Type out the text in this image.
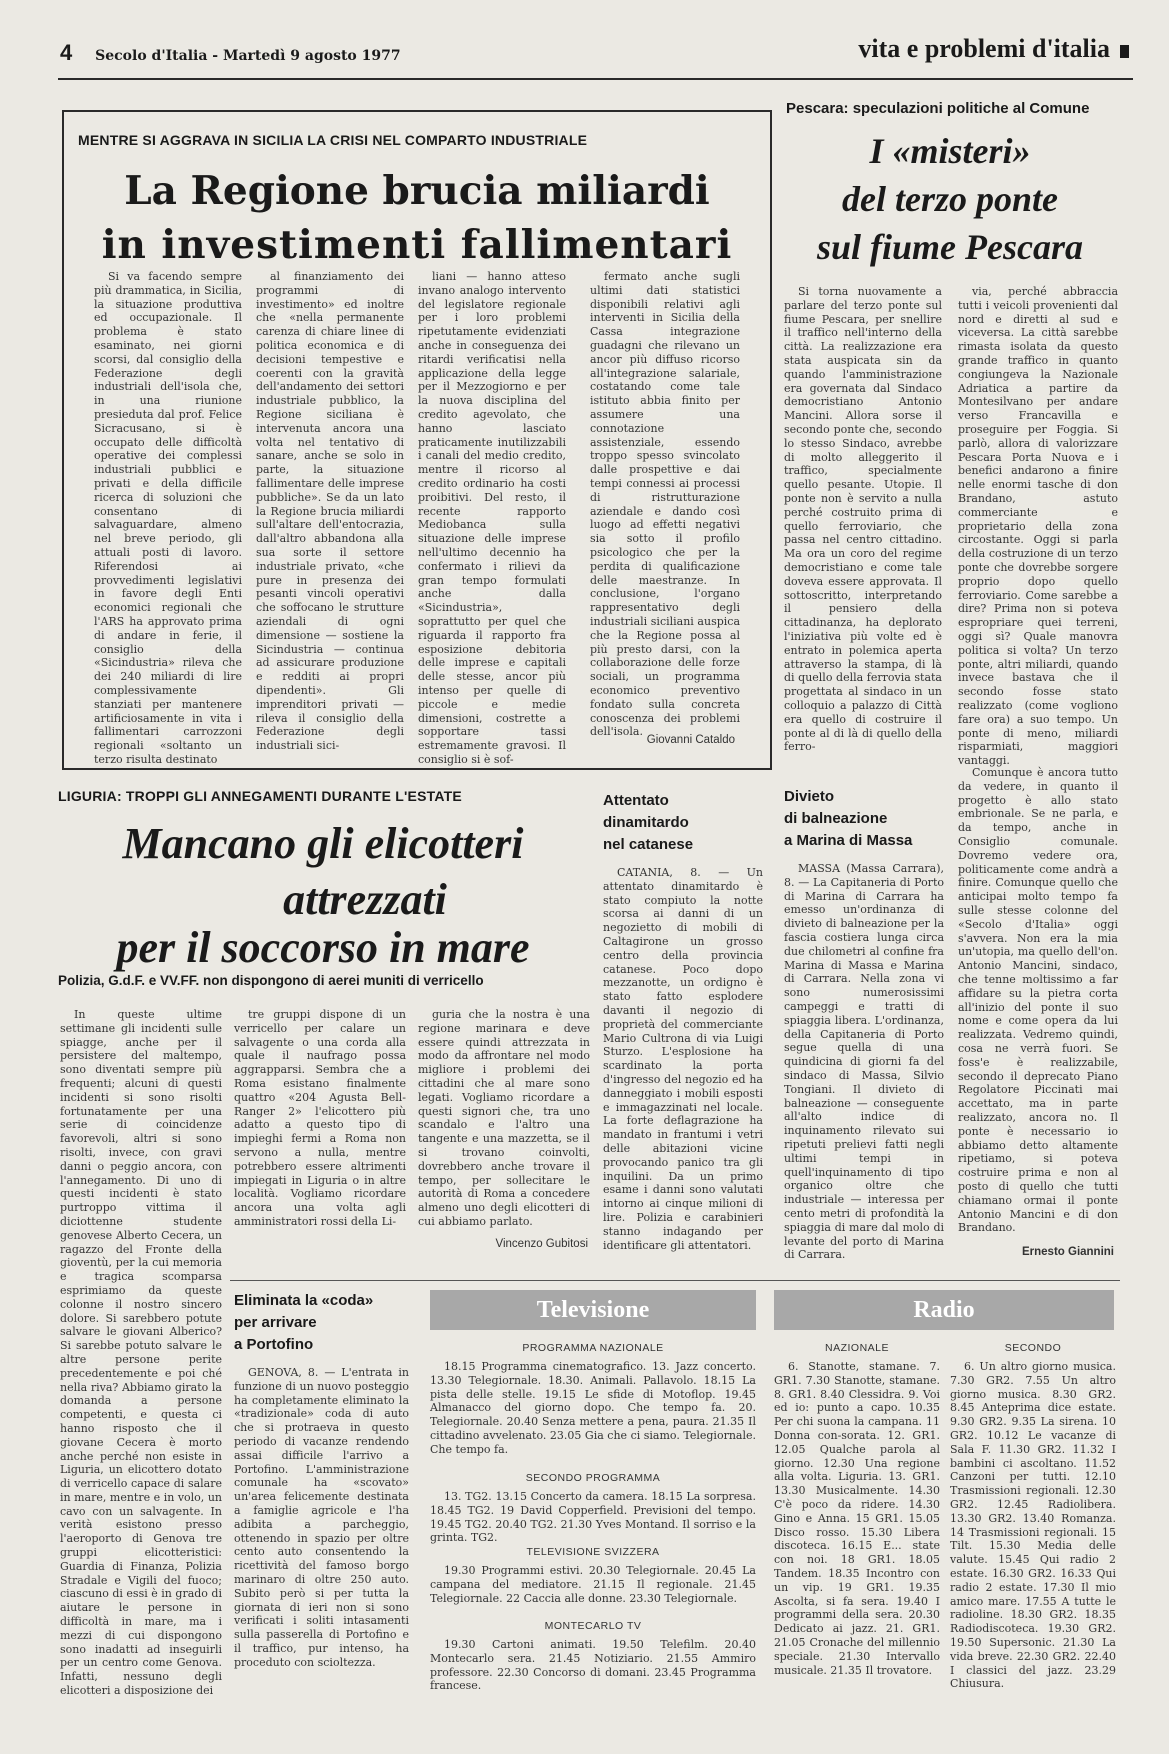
4 Secolo d'Italia - Martedì 9 agosto 1977	vita e problemi d'italia
MENTRE SI AGGRAVA IN SICILIA LA CRISI NEL COMPARTO INDUSTRIALE
La Regione brucia miliardi
in investimenti fallimentari

Si va facendo sempre più drammatica, in Sicilia, la situazione produttiva ed occupazionale. Il problema è stato esaminato, nei giorni scorsi, dal consiglio della Federazione degli industriali dell'isola che, in una riunione presieduta dal prof. Felice Sicracusano, si è occupato delle difficoltà operative dei complessi industriali pubblici e privati e della difficile ricerca di soluzioni che consentano di salvaguardare, almeno nel breve periodo, gli attuali posti di lavoro. Riferendosi ai provvedimenti legislativi in favore degli Enti economici regionali che l'ARS ha approvato prima di andare in ferie, il consiglio della «Sicindustria» rileva che dei 240 miliardi di lire complessivamente stanziati per mantenere artificiosamente in vita i fallimentari carrozzoni regionali «soltanto un terzo risulta destinato

al finanziamento dei programmi di investimento» ed inoltre che «nella permanente carenza di chiare linee di politica economica e di decisioni tempestive e coerenti con la gravità dell'andamento dei settori industriale pubblico, la Regione siciliana è intervenuta ancora una volta nel tentativo di sanare, anche se solo in parte, la situazione fallimentare delle imprese pubbliche». Se da un lato la Regione brucia miliardi sull'altare dell'entocrazia, dall'altro abbandona alla sua sorte il settore industriale privato, «che pure in presenza dei pesanti vincoli operativi che soffocano le strutture aziendali di ogni dimensione — sostiene la Sicindustria — continua ad assicurare produzione e redditi ai propri dipendenti». Gli imprenditori privati — rileva il consiglio della Federazione degli industriali sici-

liani — hanno atteso invano analogo intervento del legislatore regionale per i loro problemi ripetutamente evidenziati anche in conseguenza dei ritardi verificatisi nella applicazione della legge per il Mezzogiorno e per la nuova disciplina del credito agevolato, che hanno lasciato praticamente inutilizzabili i canali del medio credito, mentre il ricorso al credito ordinario ha costi proibitivi. Del resto, il recente rapporto Mediobanca sulla situazione delle imprese nell'ultimo decennio ha confermato i rilievi da gran tempo formulati anche dalla «Sicindustria», soprattutto per quel che riguarda il rapporto fra esposizione debitoria delle imprese e capitali delle stesse, ancor più intenso per quelle di piccole e medie dimensioni, costrette a sopportare tassi estremamente gravosi. Il consiglio si è sof-

fermato anche sugli ultimi dati statistici disponibili relativi agli interventi in Sicilia della Cassa integrazione guadagni che rilevano un ancor più diffuso ricorso all'integrazione salariale, costatando come tale istituto abbia finito per assumere una connotazione assistenziale, essendo troppo spesso svincolato dalle prospettive e dai tempi connessi ai processi di ristrutturazione aziendale e dando così luogo ad effetti negativi sia sotto il profilo psicologico che per la perdita di qualificazione delle maestranze. In conclusione, l'organo rappresentativo degli industriali siciliani auspica che la Regione possa al più presto darsi, con la collaborazione delle forze sociali, un programma economico preventivo fondato sulla concreta conoscenza dei problemi dell'isola.

Giovanni Cataldo
Pescara: speculazioni politiche al Comune
I «misteri»
del terzo ponte
sul fiume Pescara

Si torna nuovamente a parlare del terzo ponte sul fiume Pescara, per snellire il traffico nell'interno della città. La realizzazione era stata auspicata sin da quando l'amministrazione era governata dal Sindaco democristiano Antonio Mancini. Allora sorse il secondo ponte che, secondo lo stesso Sindaco, avrebbe di molto alleggerito il traffico, specialmente quello pesante. Utopie. Il ponte non è servito a nulla perché costruito prima di quello ferroviario, che passa nel centro cittadino. Ma ora un coro del regime democristiano e come tale doveva essere approvata. Il sottoscritto, interpretando il pensiero della cittadinanza, ha deplorato l'iniziativa più volte ed è entrato in polemica aperta attraverso la stampa, di là di quello della ferrovia stata progettata al sindaco in un colloquio a palazzo di Città era quello di costruire il ponte al di là di quello della ferro-

via, perché abbraccia tutti i veicoli provenienti dal nord e diretti al sud e viceversa. La città sarebbe rimasta isolata da questo grande traffico in quanto congiungeva la Nazionale Adriatica a partire da Montesilvano per andare verso Francavilla e proseguire per Foggia. Si parlò, allora di valorizzare Pescara Porta Nuova e i benefici andarono a finire nelle enormi tasche di don Brandano, astuto commerciante e proprietario della zona circostante. Oggi si parla della costruzione di un terzo ponte che dovrebbe sorgere proprio dopo quello ferroviario. Come sarebbe a dire? Prima non si poteva espropriare quei terreni, oggi sì? Quale manovra politica si volta? Un terzo ponte, altri miliardi, quando invece bastava che il secondo fosse stato realizzato (come vogliono fare ora) a suo tempo. Un ponte di meno, miliardi risparmiati, maggiori vantaggi.

Comunque è ancora tutto da vedere, in quanto il progetto è allo stato embrionale. Se ne parla, e da tempo, anche in Consiglio comunale. Dovremo vedere ora, politicamente come andrà a finire. Comunque quello che anticipai molto tempo fa sulle stesse colonne del «Secolo d'Italia» oggi s'avvera. Non era la mia un'utopia, ma quello dell'on. Antonio Mancini, sindaco, che tenne moltissimo a far affidare su la pietra corta all'inizio del ponte il suo nome e come opera da lui realizzata. Vedremo quindi, cosa ne verrà fuori. Se foss'e è realizzabile, secondo il deprecato Piano Regolatore Piccinati mai accettato, ma in parte realizzato, ancora no. Il ponte è necessario io abbiamo detto altamente ripetiamo, si poteva costruire prima e non al posto di quello che tutti chiamano ormai il ponte Antonio Mancini e di don Brandano.

Ernesto Giannini
LIGURIA: TROPPI GLI ANNEGAMENTI DURANTE L'ESTATE
Mancano gli elicotteri
attrezzati
per il soccorso in mare
Polizia, G.d.F. e VV.FF. non dispongono di aerei muniti di verricello

In queste ultime settimane gli incidenti sulle spiagge, anche per il persistere del maltempo, sono diventati sempre più frequenti; alcuni di questi incidenti si sono risolti fortunatamente per una serie di coincidenze favorevoli, altri si sono risolti, invece, con gravi danni o peggio ancora, con l'annegamento. Di uno di questi incidenti è stato purtroppo vittima il diciottenne studente genovese Alberto Cecera, un ragazzo del Fronte della gioventù, per la cui memoria e tragica scomparsa esprimiamo da queste colonne il nostro sincero dolore. Si sarebbero potute salvare le giovani Alberico? Si sarebbe potuto salvare le altre persone perite precedentemente e poi ché nella riva? Abbiamo girato la domanda a persone competenti, e questa ci hanno risposto che il giovane Cecera è morto anche perché non esiste in Liguria, un elicottero dotato di verricello capace di salare in mare, mentre e in volo, un cavo con un salvagente. In verità esistono presso l'aeroporto di Genova tre gruppi elicotteristici: Guardia di Finanza, Polizia Stradale e Vigili del fuoco; ciascuno di essi è in grado di aiutare le persone in difficoltà in mare, ma i mezzi di cui dispongono sono inadatti ad inseguirli per un centro come Genova. Infatti, nessuno degli elicotteri a disposizione dei

tre gruppi dispone di un verricello per calare un salvagente o una corda alla quale il naufrago possa aggrapparsi. Sembra che a Roma esistano finalmente quattro «204 Agusta Bell-Ranger 2» l'elicottero più adatto a questo tipo di impieghi fermi a Roma non servono a nulla, mentre potrebbero essere altrimenti impiegati in Liguria o in altre località. Vogliamo ricordare ancora una volta agli amministratori rossi della Li-

guria che la nostra è una regione marinara e deve essere quindi attrezzata in modo da affrontare nel modo migliore i problemi dei cittadini che al mare sono legati. Vogliamo ricordare a questi signori che, tra uno scandalo e l'altro una tangente e una mazzetta, se il si trovano coinvolti, dovrebbero anche trovare il tempo, per sollecitare le autorità di Roma a concedere almeno uno degli elicotteri di cui abbiamo parlato.

Vincenzo Gubitosi
Attentato
dinamitardo
nel catanese

CATANIA, 8. — Un attentato dinamitardo è stato compiuto la notte scorsa ai danni di un negozietto di mobili di Caltagirone un grosso centro della provincia catanese. Poco dopo mezzanotte, un ordigno è stato fatto esplodere davanti il negozio di proprietà del commerciante Mario Cultrona di via Luigi Sturzo. L'esplosione ha scardinato la porta d'ingresso del negozio ed ha danneggiato i mobili esposti e immagazzinati nel locale. La forte deflagrazione ha mandato in frantumi i vetri delle abitazioni vicine provocando panico tra gli inquilini. Da un primo esame i danni sono valutati intorno ai cinque milioni di lire. Polizia e carabinieri stanno indagando per identificare gli attentatori.

Divieto
di balneazione
a Marina di Massa

MASSA (Massa Carrara), 8. — La Capitaneria di Porto di Marina di Carrara ha emesso un'ordinanza di divieto di balneazione per la fascia costiera lunga circa due chilometri al confine fra Marina di Massa e Marina di Carrara. Nella zona vi sono numerosissimi campeggi e tratti di spiaggia libera. L'ordinanza, della Capitaneria di Porto segue quella di una quindicina di giorni fa del sindaco di Massa, Silvio Tongiani. Il divieto di balneazione — conseguente all'alto indice di inquinamento rilevato sui ripetuti prelievi fatti negli ultimi tempi in quell'inquinamento di tipo organico oltre che industriale — interessa per cento metri di profondità la spiaggia di mare dal molo di levante del porto di Marina di Carrara.

Eliminata la «coda»
per arrivare
a Portofino

GENOVA, 8. — L'entrata in funzione di un nuovo posteggio ha completamente eliminato la «tradizionale» coda di auto che si protraeva in questo periodo di vacanze rendendo assai difficile l'arrivo a Portofino. L'amministrazione comunale ha «scovato» un'area felicemente destinata a famiglie agricole e l'ha adibita a parcheggio, ottenendo in spazio per oltre cento auto consentendo la ricettività del famoso borgo marinaro di oltre 250 auto. Subito però si per tutta la giornata di ieri non si sono verificati i soliti intasamenti sulla passerella di Portofino e il traffico, pur intenso, ha proceduto con scioltezza.

Televisione
PROGRAMMA NAZIONALE

18.15 Programma cinematografico. 13. Jazz concerto. 13.30 Telegiornale. 18.30. Animali. Pallavolo. 18.15 La pista delle stelle. 19.15 Le sfide di Motoflop. 19.45 Almanacco del giorno dopo. Che tempo fa. 20. Telegiornale. 20.40 Senza mettere a pena, paura. 21.35 Il cittadino avvelenato. 23.05 Gia che ci siamo. Telegiornale. Che tempo fa.

SECONDO PROGRAMMA

13. TG2. 13.15 Concerto da camera. 18.15 La sorpresa. 18.45 TG2. 19 David Copperfield. Previsioni del tempo. 19.45 TG2. 20.40 TG2. 21.30 Yves Montand. Il sorriso e la grinta. TG2.

TELEVISIONE SVIZZERA

19.30 Programmi estivi. 20.30 Telegiornale. 20.45 La campana del mediatore. 21.15 Il regionale. 21.45 Telegiornale. 22 Caccia alle donne. 23.30 Telegiornale.

MONTECARLO TV

19.30 Cartoni animati. 19.50 Telefilm. 20.40 Montecarlo sera. 21.45 Notiziario. 21.55 Ammiro professore. 22.30 Concorso di domani. 23.45 Programma francese.

Radio
NAZIONALE

6. Stanotte, stamane. 7. GR1. 7.30 Stanotte, stamane. 8. GR1. 8.40 Clessidra. 9. Voi ed io: punto a capo. 10.35 Per chi suona la campana. 11 Donna con-sorata. 12. GR1. 12.05 Qualche parola al giorno. 12.30 Una regione alla volta. Liguria. 13. GR1. 13.30 Musicalmente. 14.30 C'è poco da ridere. 14.30 Gino e Anna. 15 GR1. 15.05 Disco rosso. 15.30 Libera discoteca. 16.15 E... state con noi. 18 GR1. 18.05 Tandem. 18.35 Incontro con un vip. 19 GR1. 19.35 Ascolta, si fa sera. 19.40 I programmi della sera. 20.30 Dedicato ai jazz. 21. GR1. 21.05 Cronache del millennio speciale. 21.30 Intervallo musicale. 21.35 Il trovatore.

SECONDO

6. Un altro giorno musica. 7.30 GR2. 7.55 Un altro giorno musica. 8.30 GR2. 8.45 Anteprima dice estate. 9.30 GR2. 9.35 La sirena. 10 GR2. 10.12 Le vacanze di Sala F. 11.30 GR2. 11.32 I bambini ci ascoltano. 11.52 Canzoni per tutti. 12.10 Trasmissioni regionali. 12.30 GR2. 12.45 Radiolibera. 13.30 GR2. 13.40 Romanza. 14 Trasmissioni regionali. 15 Tilt. 15.30 Media delle valute. 15.45 Qui radio 2 estate. 16.30 GR2. 16.33 Qui radio 2 estate. 17.30 Il mio amico mare. 17.55 A tutte le radioline. 18.30 GR2. 18.35 Radiodiscoteca. 19.30 GR2. 19.50 Supersonic. 21.30 La vida breve. 22.30 GR2. 22.40 I classici del jazz. 23.29 Chiusura.
